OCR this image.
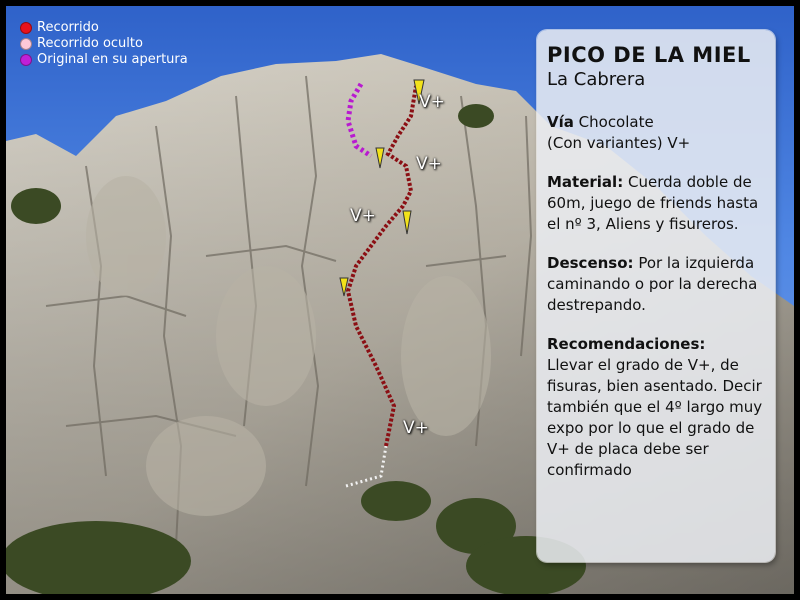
Recorrido
Recorrido oculto
Original en su apertura
V+
V+
V+
V+
PICO DE LA MIEL
La Cabrera
Vía Chocolate
(Con variantes) V+
Material: Cuerda doble de 60m, juego de friends hasta el nº 3, Aliens y fisureros.
Descenso: Por la izquierda caminando o por la derecha destrepando.
Recomendaciones:
Llevar el grado de V+, de fisuras, bien asentado. Decir también que el 4º largo muy expo por lo que el grado de V+ de placa debe ser confirmado
